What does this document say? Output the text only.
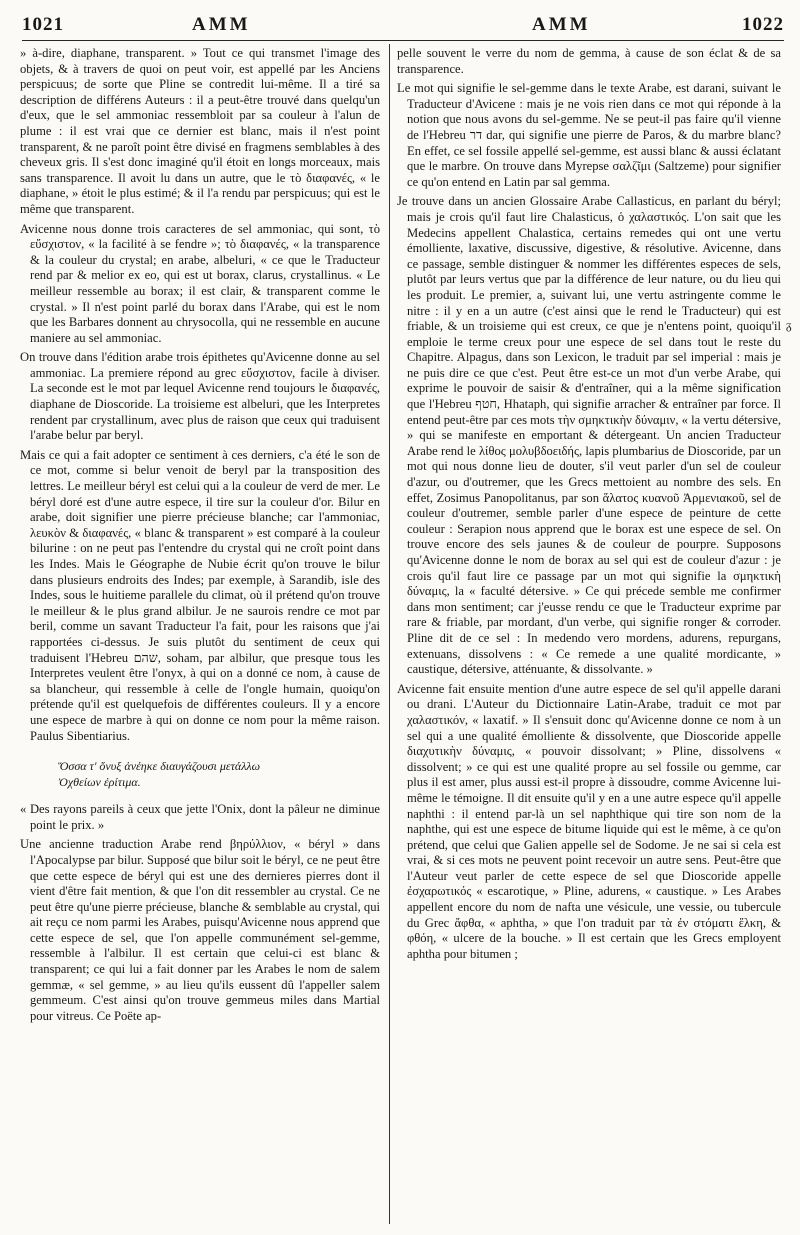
1021	AMM	AMM	1022

» à-dire, diaphane, transparent. » Tout ce qui transmet l'image des objets, & à travers de quoi on peut voir, est appellé par les Anciens perspicuus; de sorte que Pline se contredit lui-même. Il a tiré sa description de différens Auteurs : il a peut-être trouvé dans quelqu'un d'eux, que le sel ammoniac ressembloit par sa couleur à l'alun de plume : il est vrai que ce dernier est blanc, mais il n'est point transparent, & ne paroît point être divisé en fragmens semblables à des cheveux gris. Il s'est donc imaginé qu'il étoit en longs morceaux, mais sans transparence. Il avoit lu dans un autre, que le τὸ διαφανές, « le diaphane, » étoit le plus estimé; & il l'a rendu par perspicuus; qui est le même que transparent.

Avicenne nous donne trois caracteres de sel ammoniac, qui sont, τὸ εὔσχιστον, « la facilité à se fendre »; τὸ διαφανές, « la transparence & la couleur du crystal; en arabe, albeluri, « ce que le Traducteur rend par & melior ex eo, qui est ut borax, clarus, crystallinus. « Le meilleur ressemble au borax; il est clair, & transparent comme le crystal. » Il n'est point parlé du borax dans l'Arabe, qui est le nom que les Barbares donnent au chrysocolla, qui ne ressemble en aucune maniere au sel ammoniac.

On trouve dans l'édition arabe trois épithetes qu'Avicenne donne au sel ammoniac. La premiere répond au grec εὔσχιστον, facile à diviser. La seconde est le mot par lequel Avicenne rend toujours le διαφανές, diaphane de Dioscoride. La troisieme est albeluri, que les Interpretes rendent par crystallinum, avec plus de raison que ceux qui traduisent l'arabe belur par beryl.

Mais ce qui a fait adopter ce sentiment à ces derniers, c'a été le son de ce mot, comme si belur venoit de beryl par la transposition des lettres. Le meilleur béryl est celui qui a la couleur de verd de mer. Le béryl doré est d'une autre espece, il tire sur la couleur d'or. Bilur en arabe, doit signifier une pierre précieuse blanche; car l'ammoniac, λευκὸν & διαφανές, « blanc & transparent » est comparé à la couleur bilurine : on ne peut pas l'entendre du crystal qui ne croît point dans les Indes. Mais le Géographe de Nubie écrit qu'on trouve le bilur dans plusieurs endroits des Indes; par exemple, à Sarandib, isle des Indes, sous le huitieme parallele du climat, où il prétend qu'on trouve le meilleur & le plus grand albilur. Je ne saurois rendre ce mot par beril, comme un savant Traducteur l'a fait, pour les raisons que j'ai rapportées ci-dessus. Je suis plutôt du sentiment de ceux qui traduisent l'Hebreu שהם, soham, par albilur, que presque tous les Interpretes veulent être l'onyx, à qui on a donné ce nom, à cause de sa blancheur, qui ressemble à celle de l'ongle humain, quoiqu'on prétende qu'il est quelquefois de différentes couleurs. Il y a encore une espece de marbre à qui on donne ce nom pour la même raison. Paulus Sibentiarius.

Ὅσσα τ' ὄνυξ ἀνέηκε διαυγάζουσι μετάλλω
Ὀχθείων ἐρίτιμα.

« Des rayons pareils à ceux que jette l'Onix, dont la pâleur ne diminue point le prix. »

Une ancienne traduction Arabe rend βηρύλλιον, « béryl » dans l'Apocalypse par bilur. Supposé que bilur soit le béryl, ce ne peut être que cette espece de béryl qui est une des dernieres pierres dont il vient d'être fait mention, & que l'on dit ressembler au crystal. Ce ne peut être qu'une pierre précieuse, blanche & semblable au crystal, qui ait reçu ce nom parmi les Arabes, puisqu'Avicenne nous apprend que cette espece de sel, que l'on appelle communément sel-gemme, ressemble à l'albilur. Il est certain que celui-ci est blanc & transparent; ce qui lui a fait donner par les Arabes le nom de salem gemmæ, « sel gemme, » au lieu qu'ils eussent dû l'appeller salem gemmeum. C'est ainsi qu'on trouve gemmeus miles dans Martial pour vitreus. Ce Poëte ap-

pelle souvent le verre du nom de gemma, à cause de son éclat & de sa transparence.

Le mot qui signifie le sel-gemme dans le texte Arabe, est darani, suivant le Traducteur d'Avicene : mais je ne vois rien dans ce mot qui réponde à la notion que nous avons du sel-gemme. Ne se peut-il pas faire qu'il vienne de l'Hebreu דר dar, qui signifie une pierre de Paros, & du marbre blanc? En effet, ce sel fossile appellé sel-gemme, est aussi blanc & aussi éclatant que le marbre. On trouve dans Myrepse σαλζῖμι (Saltzeme) pour signifier ce qu'on entend en Latin par sal gemma.

Je trouve dans un ancien Glossaire Arabe Callasticus, en parlant du béryl; mais je crois qu'il faut lire Chalasticus, ὁ χαλαστικός. L'on sait que les Medecins appellent Chalastica, certains remedes qui ont une vertu émolliente, laxative, discussive, digestive, & résolutive. Avicenne, dans ce passage, semble distinguer & nommer les différentes especes de sels, plutôt par leurs vertus que par la différence de leur nature, ou du lieu qui les produit. Le premier, a, suivant lui, une vertu astringente comme le nitre : il y en a un autre (c'est ainsi que le rend le Traducteur) qui est friable, & un troisieme qui est creux, ce que je n'entens point, quoiqu'il emploie le terme creux pour une espece de sel dans tout le reste du Chapitre. Alpagus, dans son Lexicon, le traduit par sel imperial : mais je ne puis dire ce que c'est. Peut être est-ce un mot d'un verbe Arabe, qui exprime le pouvoir de saisir & d'entraîner, qui a la même signification que l'Hebreu חטף, Hhataph, qui signifie arracher & entraîner par force. Il entend peut-être par ces mots τὴν σμηκτικὴν δύναμιν, « la vertu détersive, » qui se manifeste en emportant & détergeant. Un ancien Traducteur Arabe rend le λίθος μολυβδοειδής, lapis plumbarius de Dioscoride, par un mot qui nous donne lieu de douter, s'il veut parler d'un sel de couleur d'azur, ou d'outremer, que les Grecs mettoient au nombre des sels. En effet, Zosimus Panopolitanus, par son ἅλατος κυανοῦ Ἀρμενιακοῦ, sel de couleur d'outremer, semble parler d'une espece de peinture de cette couleur : Serapion nous apprend que le borax est une espece de sel. On trouve encore des sels jaunes & de couleur de pourpre. Supposons qu'Avicenne donne le nom de borax au sel qui est de couleur d'azur : je crois qu'il faut lire ce passage par un mot qui signifie la σμηκτικὴ δύναμις, la « faculté détersive. » Ce qui précede semble me confirmer dans mon sentiment; car j'eusse rendu ce que le Traducteur exprime par rare & friable, par mordant, d'un verbe, qui signifie ronger & corroder. Pline dit de ce sel : In medendo vero mordens, adurens, repurgans, extenuans, dissolvens : « Ce remede a une qualité mordicante, » caustique, détersive, atténuante, & dissolvante. »

Avicenne fait ensuite mention d'une autre espece de sel qu'il appelle darani ou drani. L'Auteur du Dictionnaire Latin-Arabe, traduit ce mot par χαλαστικόν, « laxatif. » Il s'ensuit donc qu'Avicenne donne ce nom à un sel qui a une qualité émolliente & dissolvente, que Dioscoride appelle διαχυτικὴν δύναμις, « pouvoir dissolvant; » Pline, dissolvens « dissolvent; » ce qui est une qualité propre au sel fossile ou gemme, car plus il est amer, plus aussi est-il propre à dissoudre, comme Avicenne lui-même le témoigne. Il dit ensuite qu'il y en a une autre espece qu'il appelle naphthi : il entend par-là un sel naphthique qui tire son nom de la naphthe, qui est une espece de bitume liquide qui est le même, à ce qu'on prétend, que celui que Galien appelle sel de Sodome. Je ne sai si cela est vrai, & si ces mots ne peuvent point recevoir un autre sens. Peut-être que l'Auteur veut parler de cette espece de sel que Dioscoride appelle ἐσχαρωτικός « escarotique, » Pline, adurens, « caustique. » Les Arabes appellent encore du nom de nafta une vésicule, une vessie, ou tubercule du Grec ἄφθα, « aphtha, » que l'on traduit par τὰ ἐν στόματι ἕλκη, & φθόη, « ulcere de la bouche. » Il est certain que les Grecs employent aphtha pour bitumen ;

ᵹ
